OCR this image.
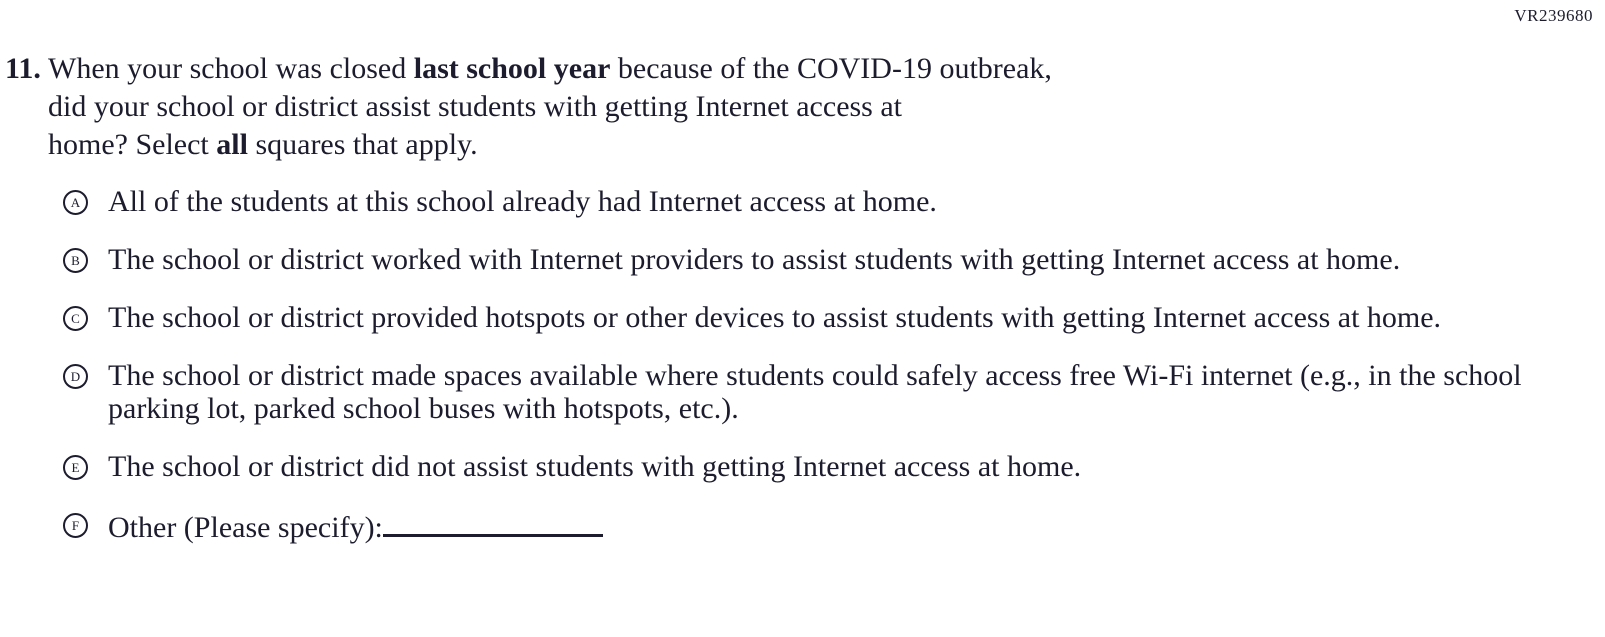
VR239680
11. When your school was closed last school year because of the COVID-19 outbreak,
did your school or district assist students with getting Internet access at
home? Select all squares that apply.
A All of the students at this school already had Internet access at home.
B The school or district worked with Internet providers to assist students with getting Internet access at home.
C The school or district provided hotspots or other devices to assist students with getting Internet access at home.
D The school or district made spaces available where students could safely access free Wi-Fi internet (e.g., in the school parking lot, parked school buses with hotspots, etc.).
E The school or district did not assist students with getting Internet access at home.
F Other (Please specify):
